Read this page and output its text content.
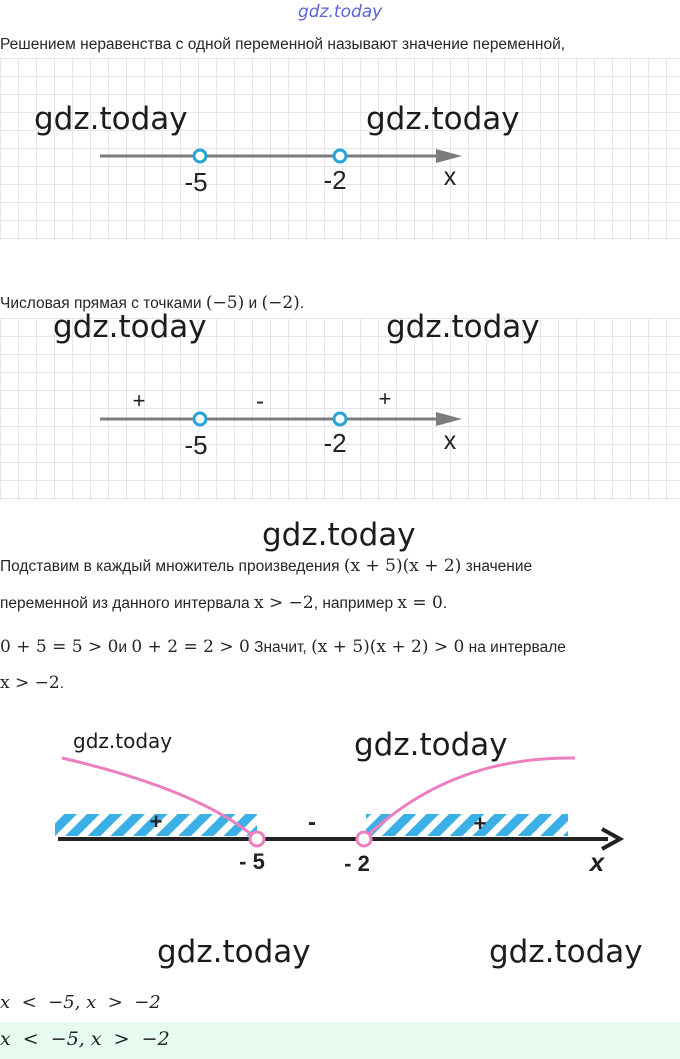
gdz.today
Решением неравенства с одной переменной называют значение переменной,
-5	-2	x
gdz.today	gdz.today
Числовая прямая с точками (−5) и (−2).
+	-	+
-5	-2	x
gdz.today	gdz.today
gdz.today
Подставим в каждый множитель произведения (x + 5)(x + 2) значение
переменной из данного интервала x > −2, например x = 0.
0 + 5 = 5 > 0и 0 + 2 = 2 > 0 Значит, (x + 5)(x + 2) > 0 на интервале
x > −2.
+	-	+
- 5	- 2	x
gdz.today	gdz.today
gdz.today	gdz.today
x  <  −5, x  >  −2
x  <  −5, x  >  −2
